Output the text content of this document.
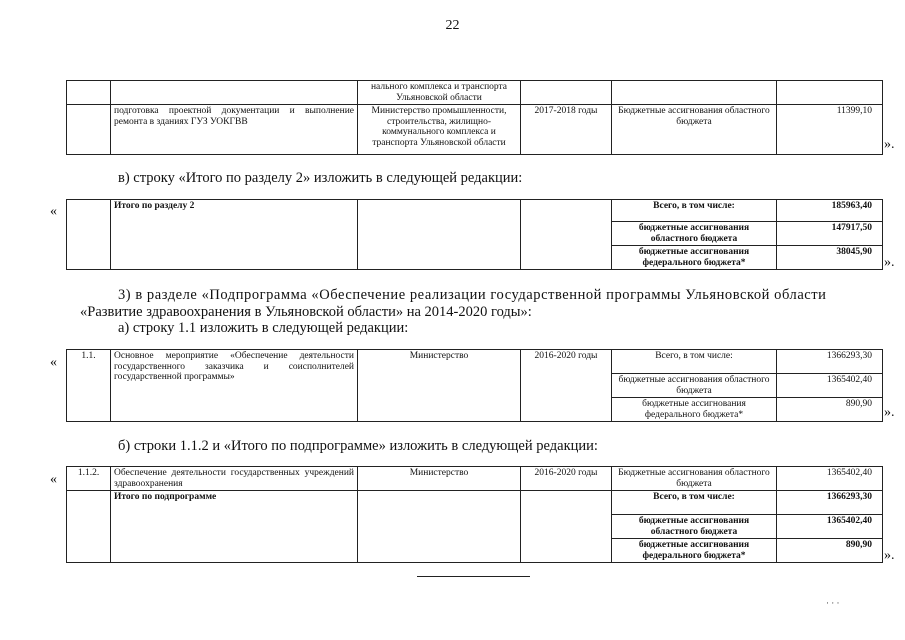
22
		нального комплекса и транспорта Ульяновской области			
	подготовка проектной документации и выполнение ремонта в зданиях ГУЗ УОКГВВ	Министерство промышленности, строительства, жилищно-коммунального комплекса и транспорта Ульяновской области	2017-2018 годы	Бюджетные ассигнования областного бюджета	11399,10
».
в) строку «Итого по разделу 2» изложить в следующей редакции:
«
		Итого по разделу 2			Всего, в том числе:	185963,40
				бюджетные ассигнования областного бюджета	147917,50
				бюджетные ассигнования федерального бюджета*	38045,90
».
3) в разделе «Подпрограмма «Обеспечение реализации государственной программы Ульяновской области
«Развитие здравоохранения в Ульяновской области» на 2014-2020 годы»:
а) строку 1.1 изложить в следующей редакции:
«	1.1.	Основное мероприятие «Обеспечение деятельности государственного заказчика и соисполнителей государственной программы»	Министерство	2016-2020 годы	Всего, в том числе:	1366293,30
				бюджетные ассигнования областного бюджета	1365402,40
				бюджетные ассигнования федерального бюджета*	890,90
».
б) строки 1.1.2 и «Итого по подпрограмме» изложить в следующей редакции:
« 1.1.2.	Обеспечение деятельности государственных учреждений здравоохранения	Министерство	2016-2020 годы	Бюджетные ассигнования областного бюджета	1365402,40
	Итого по подпрограмме			Всего, в том числе:	1366293,30
				бюджетные ассигнования областного бюджета	1365402,40
				бюджетные ассигнования федерального бюджета*	890,90
».
· · ·
